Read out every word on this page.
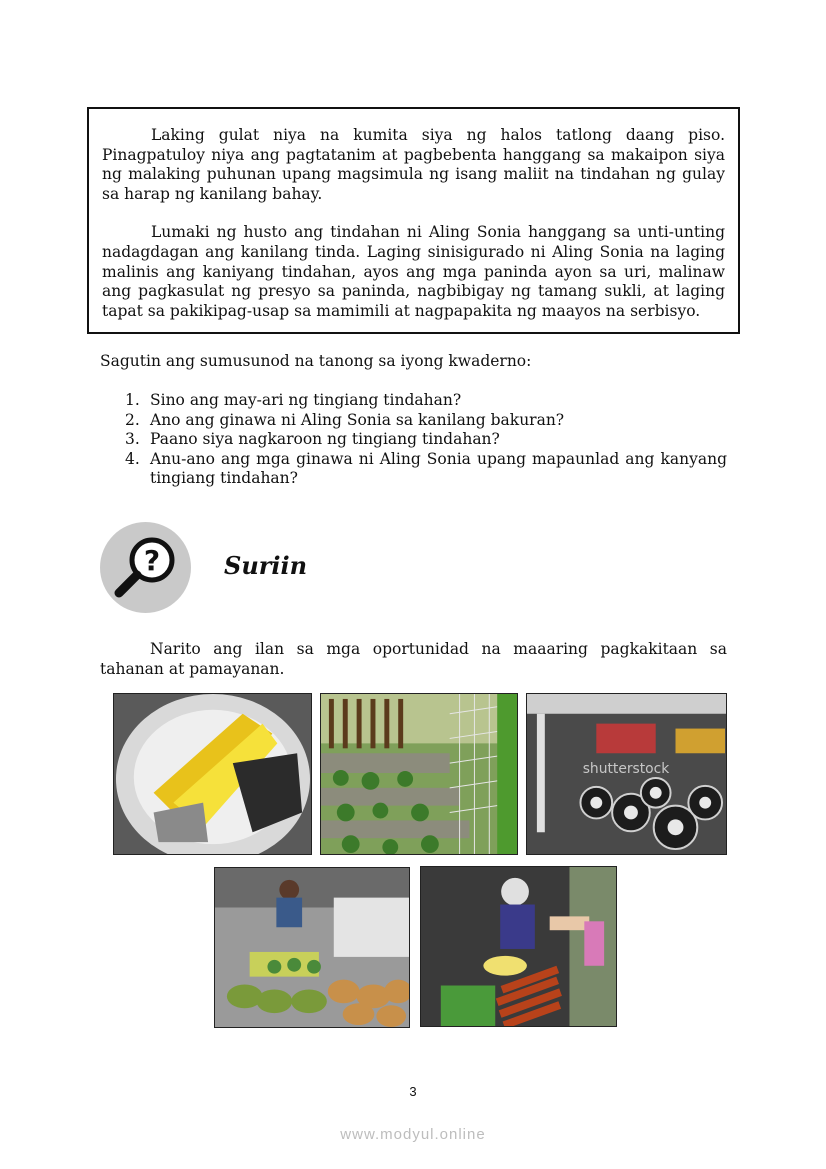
Laking gulat niya na kumita siya ng halos tatlong daang piso. Pinagpatuloy niya ang pagtatanim at pagbebenta hanggang sa makaipon siya ng malaking puhunan upang magsimula ng isang maliit na tindahan ng gulay sa harap ng kanilang bahay.

Lumaki ng husto ang tindahan ni Aling Sonia hanggang sa unti-unting nadagdagan ang kanilang tinda. Laging sinisigurado ni Aling Sonia na laging malinis ang kaniyang tindahan, ayos ang mga paninda ayon sa uri, malinaw ang pagkasulat ng presyo sa paninda, nagbibigay ng tamang sukli, at laging tapat sa pakikipag-usap sa mamimili at nagpapakita ng maayos na serbisyo.

Sagutin ang sumusunod na tanong sa iyong kwaderno:

1. Sino ang may-ari ng tingiang tindahan?
2. Ano ang ginawa ni Aling Sonia sa kanilang bakuran?
3. Paano siya nagkaroon ng tingiang tindahan?
4. Anu-ano ang mga ginawa ni Aling Sonia upang mapaunlad ang kanyang tingiang tindahan?
?	Suriin

Narito ang ilan sa mga oportunidad na maaaring pagkakitaan sa tahanan at pamayanan.

shutterstock
3
www.modyul.online
